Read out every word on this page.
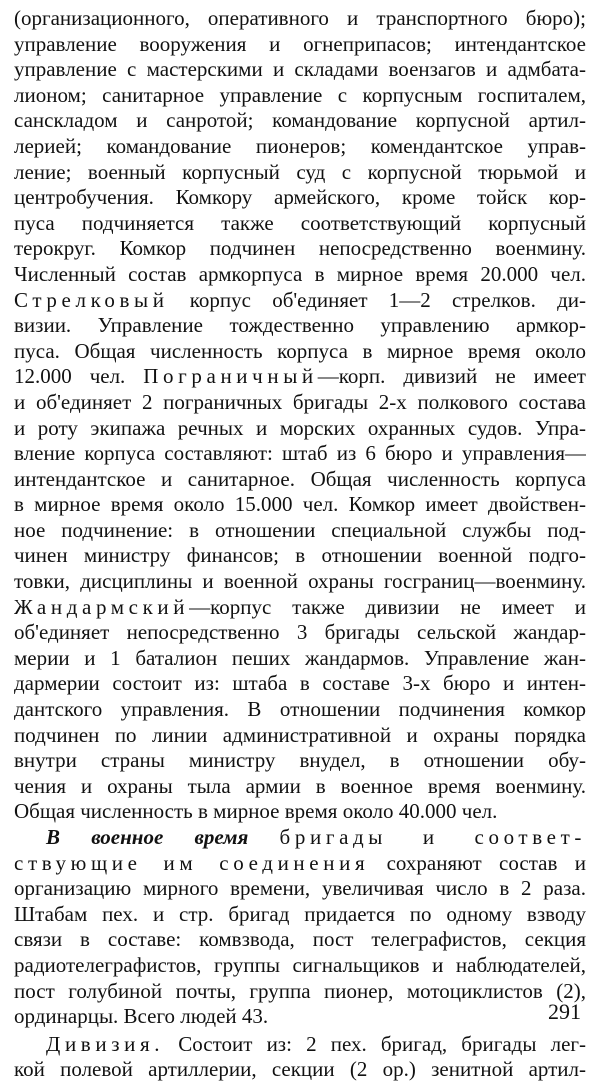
(организационного, оперативного и транспортного бюро);
управление вооружения и огнеприпасов; интендантское
управление с мастерскими и складами воензагов и адмбата-
лионом; санитарное управление с корпусным госпиталем,
санскладом и санротой; командование корпусной артил-
лерией; командование пионеров; комендантское управ-
ление; военный корпусный суд с корпусной тюрьмой и
центробучения. Комкору армейского, кроме тойск кор-
пуса подчиняется также соответствующий корпусный
терокруг. Комкор подчинен непосредственно военмину.
Численный состав армкорпуса в мирное время 20.000 чел.
Стрелковый корпус об'единяет 1—2 стрелков. ди-
визии. Управление тождественно управлению армкор-
пуса. Общая численность корпуса в мирное время около
12.000 чел. Пограничный—корп. дивизий не имеет
и об'единяет 2 пограничных бригады 2-х полкового состава
и роту экипажа речных и морских охранных судов. Упра-
вление корпуса составляют: штаб из 6 бюро и управления—
интендантское и санитарное. Общая численность корпуса
в мирное время около 15.000 чел. Комкор имеет двойствен-
ное подчинение: в отношении специальной службы под-
чинен министру финансов; в отношении военной подго-
товки, дисциплины и военной охраны госграниц—военмину.
Жандармский—корпус также дивизии не имеет и
об'единяет непосредственно 3 бригады сельской жандар-
мерии и 1 баталион пеших жандармов. Управление жан-
дармерии состоит из: штаба в составе 3-х бюро и интен-
дантского управления. В отношении подчинения комкор
подчинен по линии административной и охраны порядка
внутри страны министру внудел, в отношении обу-
чения и охраны тыла армии в военное время военмину.
Общая численность в мирное время около 40.000 чел.
В военное время бригады и соответ-
ствующие им соединения сохраняют состав и
организацию мирного времени, увеличивая число в 2 раза.
Штабам пех. и стр. бригад придается по одному взводу
связи в составе: комвзвода, пост телеграфистов, секция
радиотелеграфистов, группы сигнальщиков и наблюдателей,
пост голубиной почты, группа пионер, мотоциклистов (2),
ординарцы. Всего людей 43.
Дивизия. Состоит из: 2 пех. бригад, бригады лег-
кой полевой артиллерии, секции (2 ор.) зенитной артил-
291
